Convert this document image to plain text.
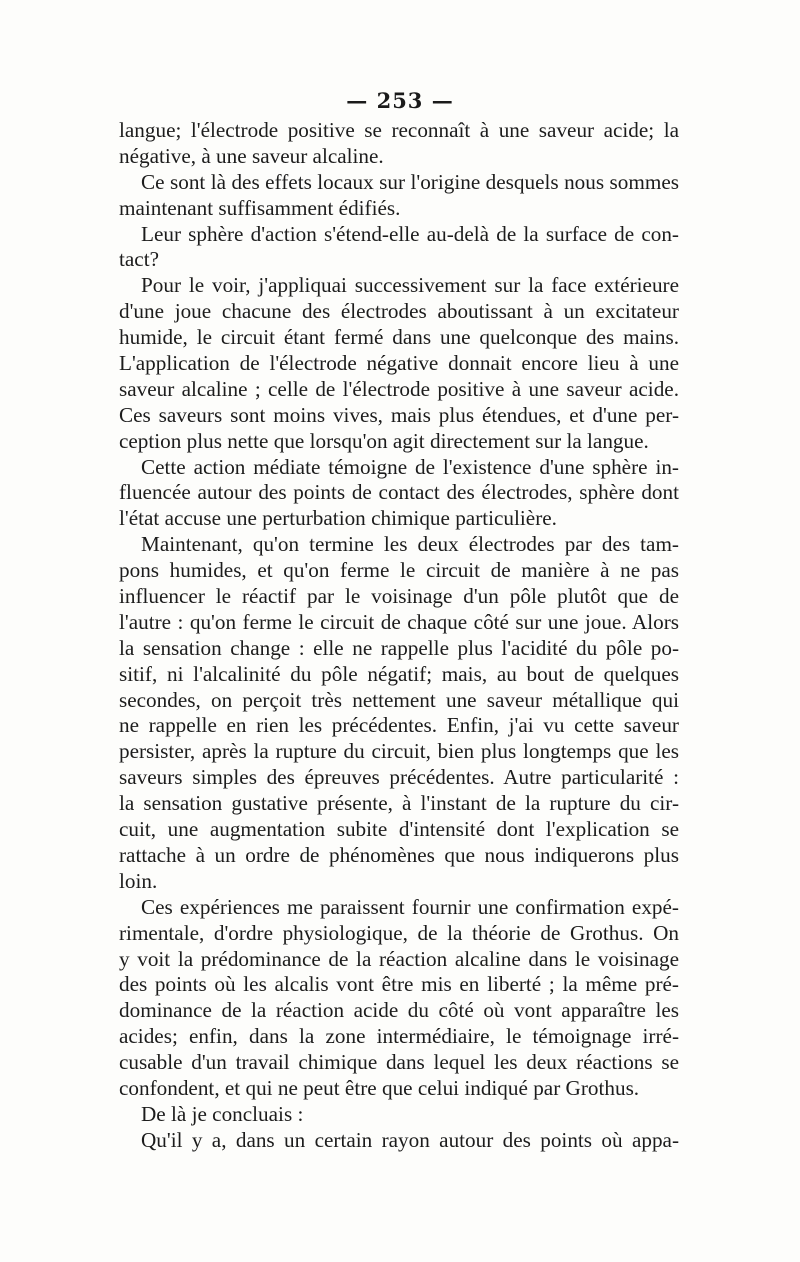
— 253 —
langue; l'électrode positive se reconnaît à une saveur acide; la
négative, à une saveur alcaline.
Ce sont là des effets locaux sur l'origine desquels nous sommes
maintenant suffisamment édifiés.
Leur sphère d'action s'étend-elle au-delà de la surface de con-
tact?
Pour le voir, j'appliquai successivement sur la face extérieure
d'une joue chacune des électrodes aboutissant à un excitateur
humide, le circuit étant fermé dans une quelconque des mains.
L'application de l'électrode négative donnait encore lieu à une
saveur alcaline ; celle de l'électrode positive à une saveur acide.
Ces saveurs sont moins vives, mais plus étendues, et d'une per-
ception plus nette que lorsqu'on agit directement sur la langue.
Cette action médiate témoigne de l'existence d'une sphère in-
fluencée autour des points de contact des électrodes, sphère dont
l'état accuse une perturbation chimique particulière.
Maintenant, qu'on termine les deux électrodes par des tam-
pons humides, et qu'on ferme le circuit de manière à ne pas
influencer le réactif par le voisinage d'un pôle plutôt que de
l'autre : qu'on ferme le circuit de chaque côté sur une joue. Alors
la sensation change : elle ne rappelle plus l'acidité du pôle po-
sitif, ni l'alcalinité du pôle négatif; mais, au bout de quelques
secondes, on perçoit très nettement une saveur métallique qui
ne rappelle en rien les précédentes. Enfin, j'ai vu cette saveur
persister, après la rupture du circuit, bien plus longtemps que les
saveurs simples des épreuves précédentes. Autre particularité :
la sensation gustative présente, à l'instant de la rupture du cir-
cuit, une augmentation subite d'intensité dont l'explication se
rattache à un ordre de phénomènes que nous indiquerons plus
loin.
Ces expériences me paraissent fournir une confirmation expé-
rimentale, d'ordre physiologique, de la théorie de Grothus. On
y voit la prédominance de la réaction alcaline dans le voisinage
des points où les alcalis vont être mis en liberté ; la même pré-
dominance de la réaction acide du côté où vont apparaître les
acides; enfin, dans la zone intermédiaire, le témoignage irré-
cusable d'un travail chimique dans lequel les deux réactions se
confondent, et qui ne peut être que celui indiqué par Grothus.
De là je concluais :
Qu'il y a, dans un certain rayon autour des points où appa-
